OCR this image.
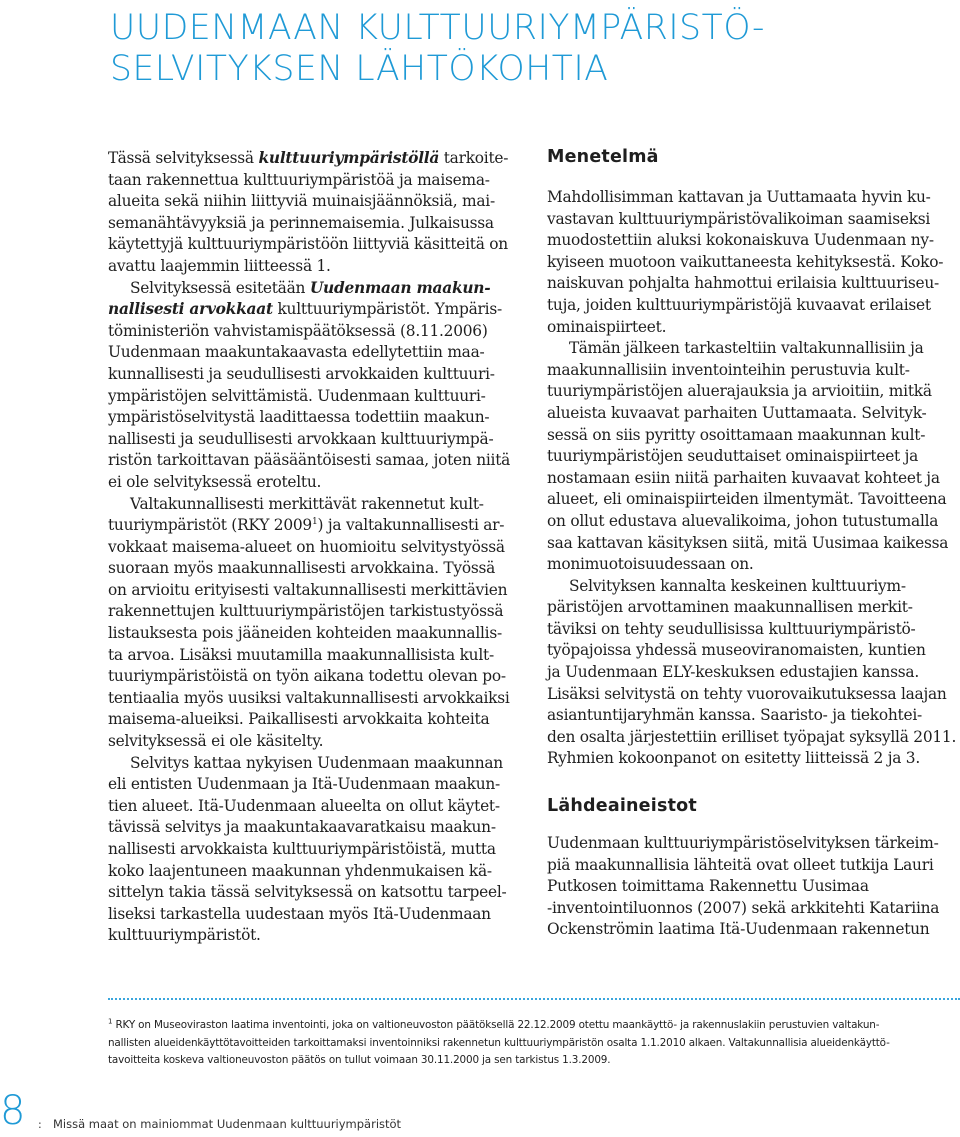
UUDENMAAN KULTTUURIYMPÄRISTÖ-
SELVITYKSEN LÄHTÖKOHTIA

Tässä selvityksessä kulttuuriympäristöllä tarkoite-
taan rakennettua kulttuuriympäristöä ja maisema-
alueita sekä niihin liittyviä muinaisjäännöksiä, mai-
semanähtävyyksiä ja perinnemaisemia. Julkaisussa
käytettyjä kulttuuriympäristöön liittyviä käsitteitä on
avattu laajemmin liitteessä 1.

Selvityksessä esitetään Uudenmaan maakun-
nallisesti arvokkaat kulttuuriympäristöt. Ympäris-
töministeriön vahvistamispäätöksessä (8.11.2006)
Uudenmaan maakuntakaavasta edellytettiin maa-
kunnallisesti ja seudullisesti arvokkaiden kulttuuri-
ympäristöjen selvittämistä. Uudenmaan kulttuuri-
ympäristöselvitystä laadittaessa todettiin maakun-
nallisesti ja seudullisesti arvokkaan kulttuuriympä-
ristön tarkoittavan pääsääntöisesti samaa, joten niitä
ei ole selvityksessä eroteltu.

Valtakunnallisesti merkittävät rakennetut kult-
tuuriympäristöt (RKY 2009$^1$) ja valtakunnallisesti ar-
vokkaat maisema-alueet on huomioitu selvitystyössä
suoraan myös maakunnallisesti arvokkaina. Työssä
on arvioitu erityisesti valtakunnallisesti merkittävien
rakennettujen kulttuuriympäristöjen tarkistustyössä
listauksesta pois jääneiden kohteiden maakunnallis-
ta arvoa. Lisäksi muutamilla maakunnallisista kult-
tuuriympäristöistä on työn aikana todettu olevan po-
tentiaalia myös uusiksi valtakunnallisesti arvokkaiksi
maisema-alueiksi. Paikallisesti arvokkaita kohteita
selvityksessä ei ole käsitelty.

Selvitys kattaa nykyisen Uudenmaan maakunnan
eli entisten Uudenmaan ja Itä-Uudenmaan maakun-
tien alueet. Itä-Uudenmaan alueelta on ollut käytet-
tävissä selvitys ja maakuntakaavaratkaisu maakun-
nallisesti arvokkaista kulttuuriympäristöistä, mutta
koko laajentuneen maakunnan yhdenmukaisen kä-
sittelyn takia tässä selvityksessä on katsottu tarpeel-
liseksi tarkastella uudestaan myös Itä-Uudenmaan
kulttuuriympäristöt.

Menetelmä

Mahdollisimman kattavan ja Uuttamaata hyvin ku-
vastavan kulttuuriympäristövalikoiman saamiseksi
muodostettiin aluksi kokonaiskuva Uudenmaan ny-
kyiseen muotoon vaikuttaneesta kehityksestä. Koko-
naiskuvan pohjalta hahmottui erilaisia kulttuuriseu-
tuja, joiden kulttuuriympäristöjä kuvaavat erilaiset
ominaispiirteet.

Tämän jälkeen tarkasteltiin valtakunnallisiin ja
maakunnallisiin inventointeihin perustuvia kult-
tuuriympäristöjen aluerajauksia ja arvioitiin, mitkä
alueista kuvaavat parhaiten Uuttamaata. Selvityk-
sessä on siis pyritty osoittamaan maakunnan kult-
tuuriympäristöjen seuduttaiset ominaispiirteet ja
nostamaan esiin niitä parhaiten kuvaavat kohteet ja
alueet, eli ominaispiirteiden ilmentymät. Tavoitteena
on ollut edustava aluevalikoima, johon tutustumalla
saa kattavan käsityksen siitä, mitä Uusimaa kaikessa
monimuotoisuudessaan on.

Selvityksen kannalta keskeinen kulttuuriym-
päristöjen arvottaminen maakunnallisen merkit-
täviksi on tehty seudullisissa kulttuuriympäristö-
työpajoissa yhdessä museoviranomaisten, kuntien
ja Uudenmaan ELY-keskuksen edustajien kanssa.
Lisäksi selvitystä on tehty vuorovaikutuksessa laajan
asiantuntijaryhmän kanssa. Saaristo- ja tiekohtei-
den osalta järjestettiin erilliset työpajat syksyllä 2011.
Ryhmien kokoonpanot on esitetty liitteissä 2 ja 3.

Lähdeaineistot

Uudenmaan kulttuuriympäristöselvityksen tärkeim-
piä maakunnallisia lähteitä ovat olleet tutkija Lauri
Putkosen toimittama Rakennettu Uusimaa
-inventointiluonnos (2007) sekä arkkitehti Katariina
Ockenströmin laatima Itä-Uudenmaan rakennetun

$^1$ RKY on Museoviraston laatima inventointi, joka on valtioneuvoston päätöksellä 22.12.2009 otettu maankäyttö- ja rakennuslakiin perustuvien valtakun-
nallisten alueidenkäyttötavoitteiden tarkoittamaksi inventoinniksi rakennetun kulttuuriympäristön osalta 1.1.2010 alkaen. Valtakunnallisia alueidenkäyttö-
tavoitteita koskeva valtioneuvoston päätös on tullut voimaan 30.11.2000 ja sen tarkistus 1.3.2009.
8 : Missä maat on mainiommat Uudenmaan kulttuuriympäristöt
